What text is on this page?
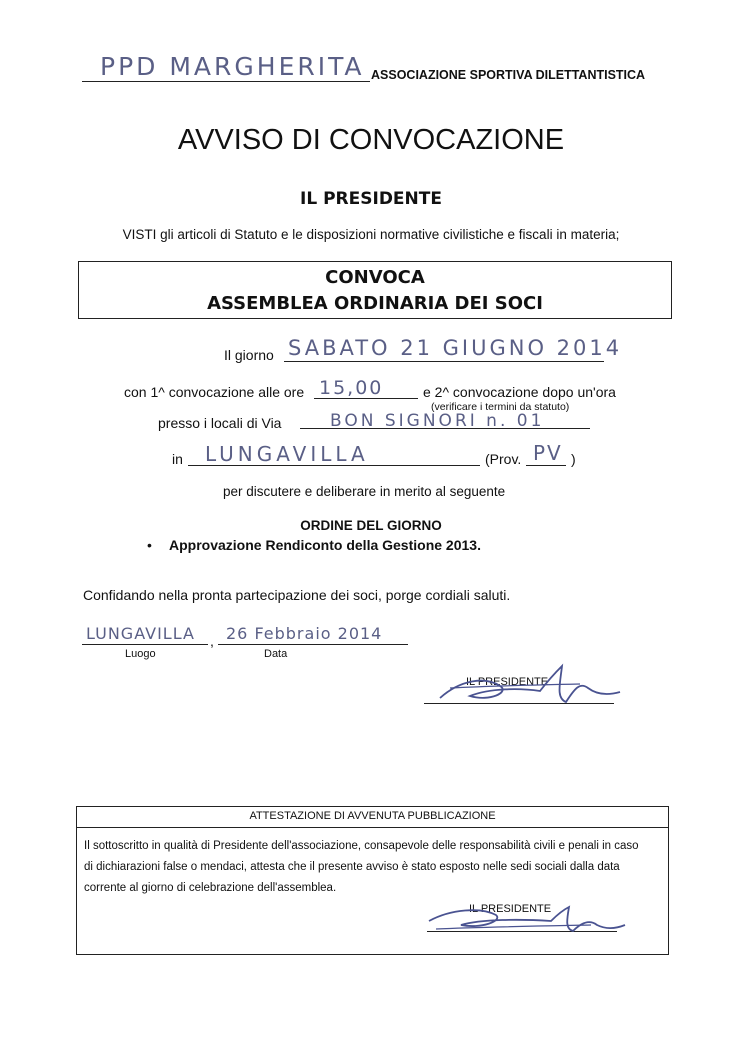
PPD MARGHERITA ASSOCIAZIONE SPORTIVA DILETTANTISTICA
AVVISO DI CONVOCAZIONE
IL PRESIDENTE
VISTI gli articoli di Statuto e le disposizioni normative civilistiche e fiscali in materia;
CONVOCA
ASSEMBLEA ORDINARIA DEI SOCI
Il giorno SABATO 21 GIUGNO 2014
con 1^ convocazione alle ore 15,00	e 2^ convocazione dopo un'ora
(verificare i termini da statuto)
presso i locali di Via	BON SIGNORI n. 01
in LUNGAVILLA	(Prov. PV )
per discutere e deliberare in merito al seguente
ORDINE DEL GIORNO
• Approvazione Rendiconto della Gestione 2013.
Confidando nella pronta partecipazione dei soci, porge cordiali saluti.
LUNGAVILLA , 26 Febbraio 2014
Luogo	Data
IL PRESIDENTE
ATTESTAZIONE DI AVVENUTA PUBBLICAZIONE
Il sottoscritto in qualità di Presidente dell'associazione, consapevole delle responsabilità civili e penali in caso
di dichiarazioni false o mendaci, attesta che il presente avviso è stato esposto nelle sedi sociali dalla data
corrente al giorno di celebrazione dell'assemblea.
IL PRESIDENTE
